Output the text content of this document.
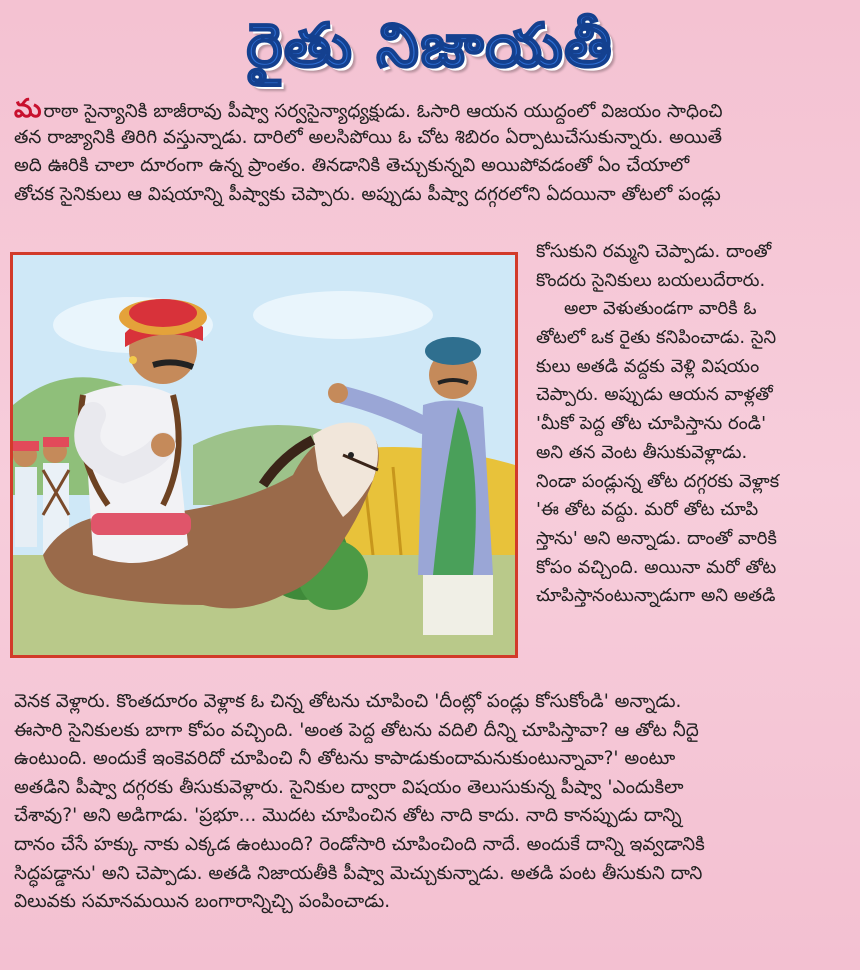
రైతు నిజాయతీ
మ రాఠా సైన్యానికి బాజీరావు పీష్వా సర్వసైన్యాధ్యక్షుడు. ఓసారి ఆయన యుద్ధంలో విజయం సాధించి
తన రాజ్యానికి తిరిగి వస్తున్నాడు. దారిలో అలసిపోయి ఓ చోట శిబిరం ఏర్పాటుచేసుకున్నారు. అయితే
అది ఊరికి చాలా దూరంగా ఉన్న ప్రాంతం. తినడానికి తెచ్చుకున్నవి అయిపోవడంతో ఏం చేయాలో
తోచక సైనికులు ఆ విషయాన్ని పీష్వాకు చెప్పారు. అప్పుడు పీష్వా దగ్గరలోని ఏదయినా తోటలో పండ్లు
కోసుకుని రమ్మని చెప్పాడు. దాంతో
కొందరు సైనికులు బయలుదేరారు.
అలా వెళుతుండగా వారికి ఓ
తోటలో ఒక రైతు కనిపించాడు. సైని
కులు అతడి వద్దకు వెళ్లి విషయం
చెప్పారు. అప్పుడు ఆయన వాళ్లతో
'మీకో పెద్ద తోట చూపిస్తాను రండి'
అని తన వెంట తీసుకువెళ్లాడు.
నిండా పండ్లున్న తోట దగ్గరకు వెళ్లాక
'ఈ తోట వద్దు. మరో తోట చూపి
స్తాను' అని అన్నాడు. దాంతో వారికి
కోపం వచ్చింది. అయినా మరో తోట
చూపిస్తానంటున్నాడుగా అని అతడి
వెనక వెళ్లారు. కొంతదూరం వెళ్లాక ఓ చిన్న తోటను చూపించి 'దీంట్లో పండ్లు కోసుకోండి' అన్నాడు.
ఈసారి సైనికులకు బాగా కోపం వచ్చింది. 'అంత పెద్ద తోటను వదిలి దీన్ని చూపిస్తావా? ఆ తోట నీదై
ఉంటుంది. అందుకే ఇంకెవరిదో చూపించి నీ తోటను కాపాడుకుందామనుకుంటున్నావా?' అంటూ
అతడిని పీష్వా దగ్గరకు తీసుకువెళ్లారు. సైనికుల ద్వారా విషయం తెలుసుకున్న పీష్వా 'ఎందుకిలా
చేశావు?' అని అడిగాడు. 'ప్రభూ... మొదట చూపించిన తోట నాది కాదు. నాది కానప్పుడు దాన్ని
దానం చేసే హక్కు నాకు ఎక్కడ ఉంటుంది? రెండోసారి చూపించింది నాదే. అందుకే దాన్ని ఇవ్వడానికి
సిద్ధపడ్డాను' అని చెప్పాడు. అతడి నిజాయతీకి పీష్వా మెచ్చుకున్నాడు. అతడి పంట తీసుకుని దాని
విలువకు సమానమయిన బంగారాన్నిచ్చి పంపించాడు.
